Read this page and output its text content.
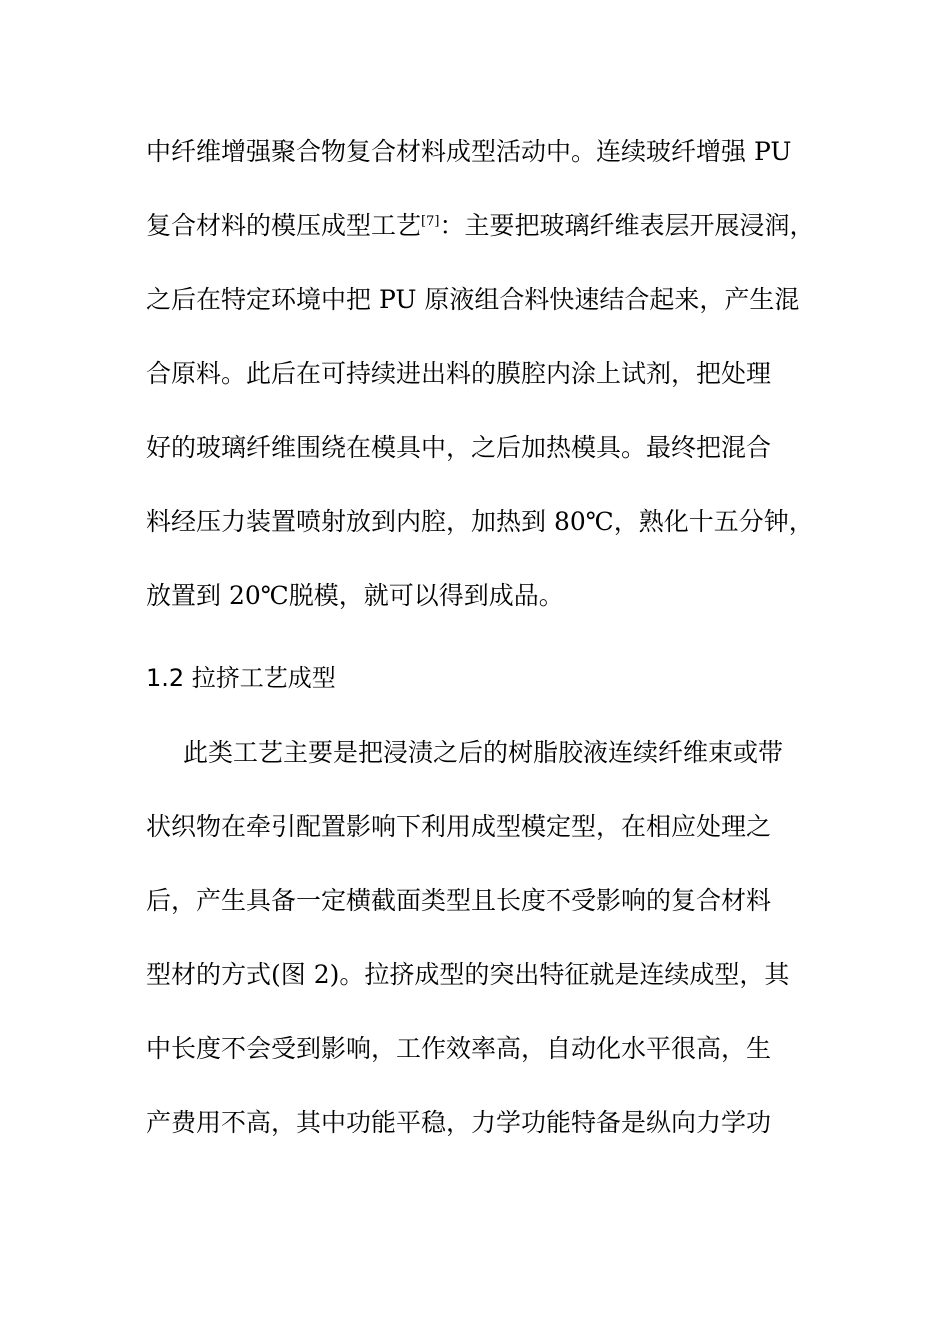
中纤维增强聚合物复合材料成型活动中。连续玻纤增强 PU
复合材料的模压成型工艺[7]：主要把玻璃纤维表层开展浸润，
之后在特定环境中把 PU 原液组合料快速结合起来，产生混
合原料。此后在可持续进出料的膜腔内涂上试剂，把处理
好的玻璃纤维围绕在模具中，之后加热模具。最终把混合
料经压力装置喷射放到内腔，加热到 80℃，熟化十五分钟，
放置到 20℃脱模，就可以得到成品。
1.2 拉挤工艺成型
此类工艺主要是把浸渍之后的树脂胶液连续纤维束或带
状织物在牵引配置影响下利用成型模定型，在相应处理之
后，产生具备一定横截面类型且长度不受影响的复合材料
型材的方式(图 2)。拉挤成型的突出特征就是连续成型，其
中长度不会受到影响，工作效率高，自动化水平很高，生
产费用不高，其中功能平稳，力学功能特备是纵向力学功
